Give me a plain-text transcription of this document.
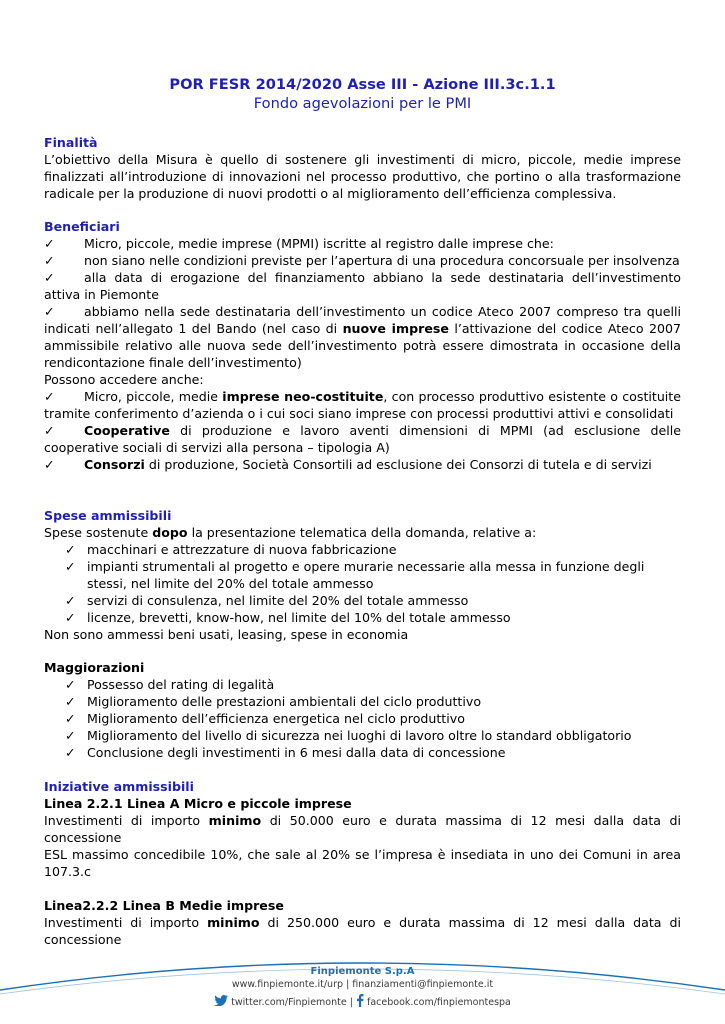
POR FESR 2014/2020 Asse III - Azione III.3c.1.1
Fondo agevolazioni per le PMI

Finalità

L’obiettivo della Misura è quello di sostenere gli investimenti di micro, piccole, medie imprese finalizzati all’introduzione di innovazioni nel processo produttivo, che portino o alla trasformazione radicale per la produzione di nuovi prodotti o al miglioramento dell’efficienza complessiva.

Beneficiari

✓ Micro, piccole, medie imprese (MPMI) iscritte al registro dalle imprese che:

✓ non siano nelle condizioni previste per l’apertura di una procedura concorsuale per insolvenza

✓ alla data di erogazione del finanziamento abbiano la sede destinataria dell’investimento attiva in Piemonte

✓ abbiamo nella sede destinataria dell’investimento un codice Ateco 2007 compreso tra quelli indicati nell’allegato 1 del Bando (nel caso di nuove imprese l’attivazione del codice Ateco 2007 ammissibile relativo alle nuova sede dell’investimento potrà essere dimostrata in occasione della rendicontazione finale dell’investimento)

Possono accedere anche:

✓ Micro, piccole, medie imprese neo-costituite, con processo produttivo esistente o costituite tramite conferimento d’azienda o i cui soci siano imprese con processi produttivi attivi e consolidati

✓ Cooperative di produzione e lavoro aventi dimensioni di MPMI (ad esclusione delle cooperative sociali di servizi alla persona – tipologia A)

✓ Consorzi di produzione, Società Consortili ad esclusione dei Consorzi di tutela e di servizi

Spese ammissibili

Spese sostenute dopo la presentazione telematica della domanda, relative a:

✓ macchinari e attrezzature di nuova fabbricazione

✓ impianti strumentali al progetto e opere murarie necessarie alla messa in funzione degli stessi, nel limite del 20% del totale ammesso

✓ servizi di consulenza, nel limite del 20% del totale ammesso

✓ licenze, brevetti, know-how, nel limite del 10% del totale ammesso

Non sono ammessi beni usati, leasing, spese in economia

Maggiorazioni

✓ Possesso del rating di legalità

✓ Miglioramento delle prestazioni ambientali del ciclo produttivo

✓ Miglioramento dell’efficienza energetica nel ciclo produttivo

✓ Miglioramento del livello di sicurezza nei luoghi di lavoro oltre lo standard obbligatorio

✓ Conclusione degli investimenti in 6 mesi dalla data di concessione

Iniziative ammissibili

Linea 2.2.1 Linea A Micro e piccole imprese

Investimenti di importo minimo di 50.000 euro e durata massima di 12 mesi dalla data di concessione

ESL massimo concedibile 10%, che sale al 20% se l’impresa è insediata in uno dei Comuni in area 107.3.c

Linea2.2.2 Linea B Medie imprese

Investimenti di importo minimo di 250.000 euro e durata massima di 12 mesi dalla data di concessione

Finpiemonte S.p.A
www.finpiemonte.it/urp | finanziamenti@finpiemonte.it
twitter.com/Finpiemonte | facebook.com/finpiemontespa
